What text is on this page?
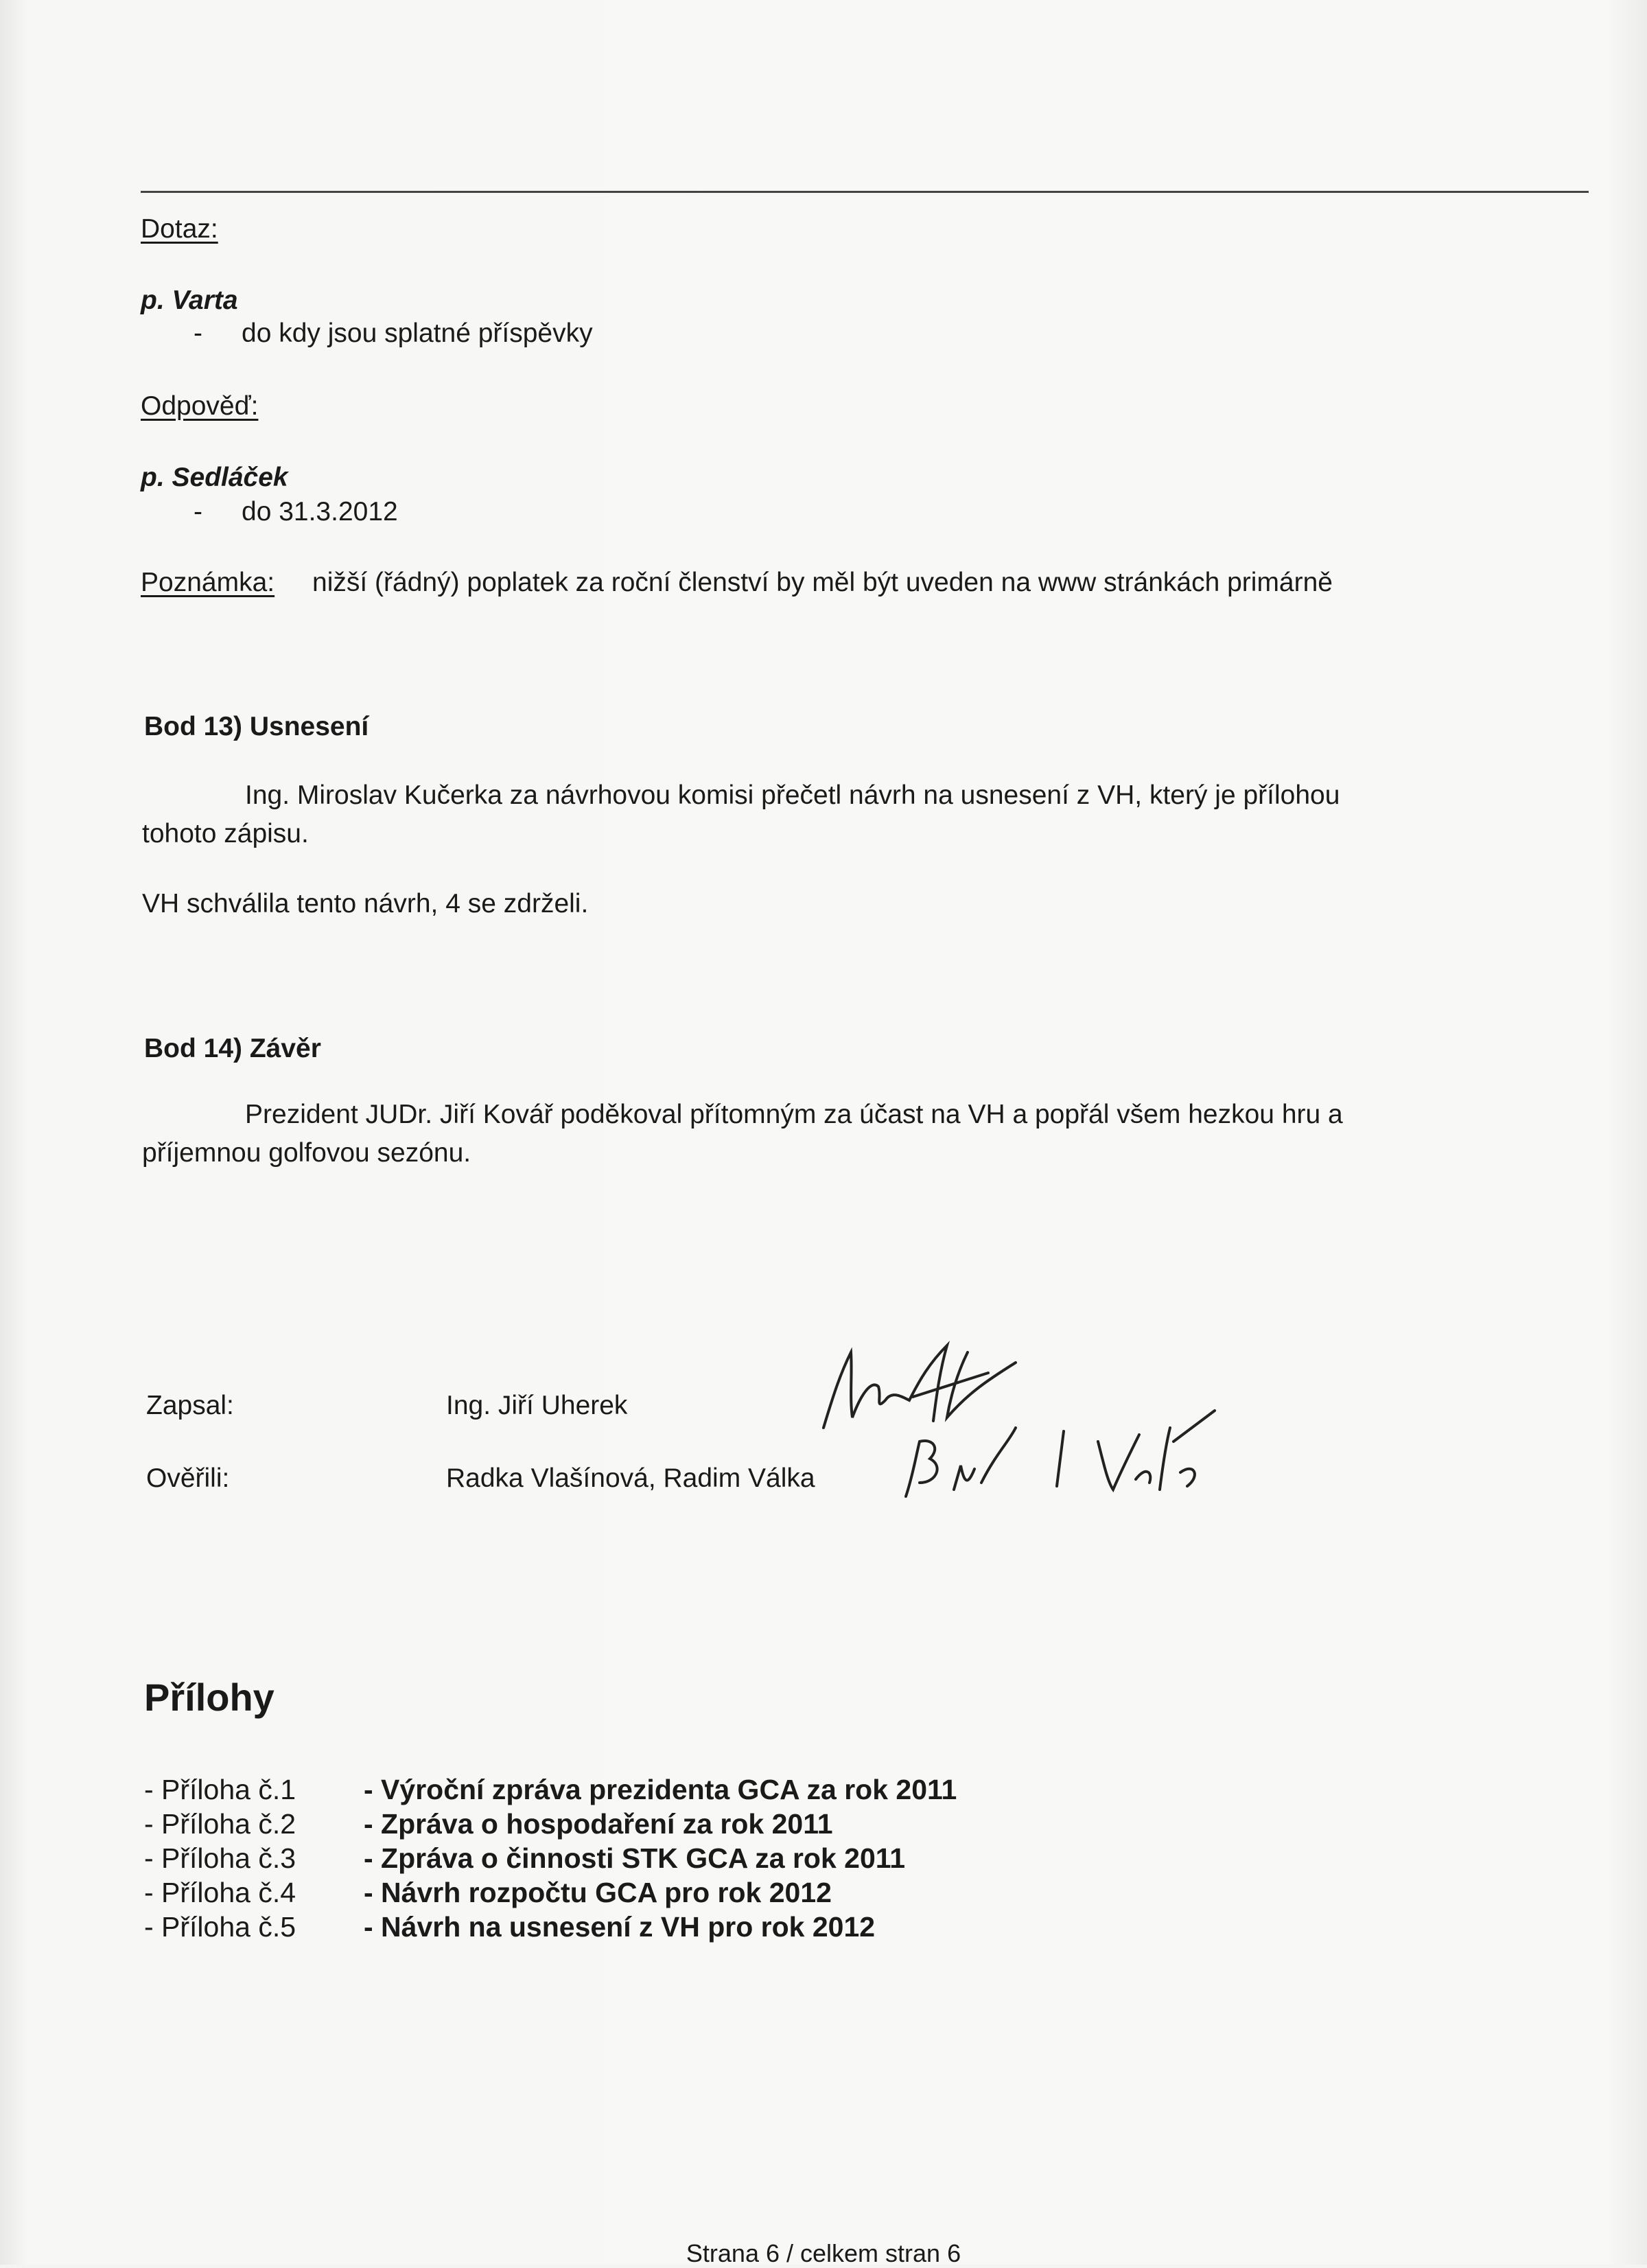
Dotaz:
p. Varta
- do kdy jsou splatné příspěvky
Odpověď:
p. Sedláček
- do 31.3.2012
Poznámka: nižší (řádný) poplatek za roční členství by měl být uveden na www stránkách primárně
Bod 13) Usnesení
Ing. Miroslav Kučerka za návrhovou komisi přečetl návrh na usnesení z VH, který je přílohou
tohoto zápisu.
VH schválila tento návrh, 4 se zdrželi.
Bod 14) Závěr
Prezident JUDr. Jiří Kovář poděkoval přítomným za účast na VH a popřál všem hezkou hru a
příjemnou golfovou sezónu.
Zapsal:	Ing. Jiří Uherek
Ověřili:	Radka Vlašínová, Radim Válka
Přílohy
- Příloha č.1 - Výroční zpráva prezidenta GCA za rok 2011
- Příloha č.2 - Zpráva o hospodaření za rok 2011
- Příloha č.3 - Zpráva o činnosti STK GCA za rok 2011
- Příloha č.4 - Návrh rozpočtu GCA pro rok 2012
- Příloha č.5 - Návrh na usnesení z VH pro rok 2012
Strana 6 / celkem stran 6
